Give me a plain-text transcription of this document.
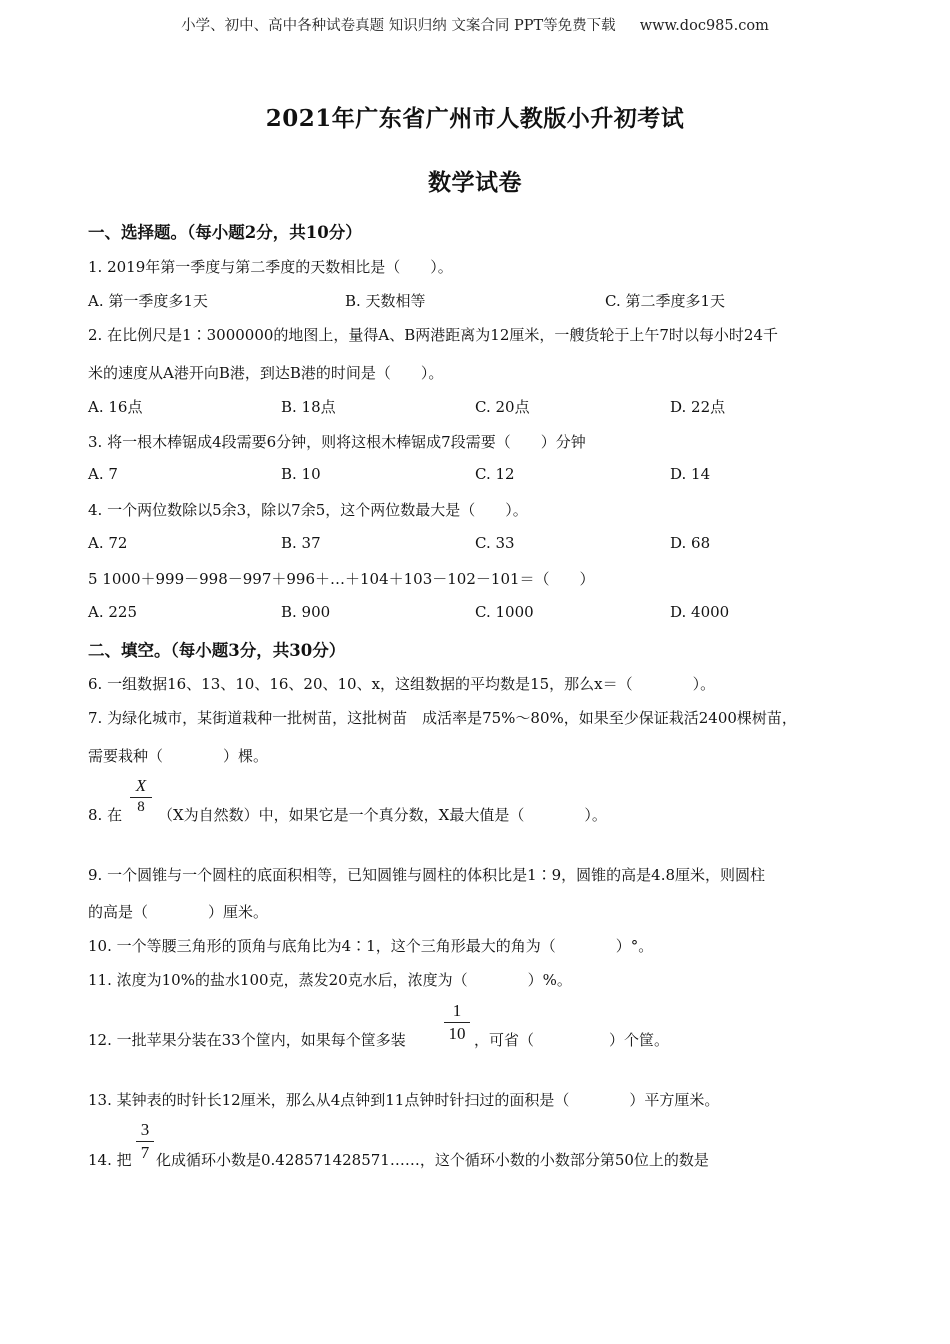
小学、初中、高中各种试卷真题 知识归纳 文案合同 PPT等免费下载 www.doc985.com
2021年广东省广州市人教版小升初考试
数学试卷
一、选择题。（每小题2分，共10分）
1. 2019年第一季度与第二季度的天数相比是（　　）。
A. 第一季度多1天	B. 天数相等	C. 第二季度多1天
2. 在比例尺是1∶3000000的地图上，量得A、B两港距离为12厘米，一艘货轮于上午7时以每小时24千
米的速度从A港开向B港，到达B港的时间是（　　）。
A. 16点	B. 18点	C. 20点	D. 22点
3. 将一根木棒锯成4段需要6分钟，则将这根木棒锯成7段需要（　　）分钟
A. 7	B. 10	C. 12	D. 14
4. 一个两位数除以5余3，除以7余5，这个两位数最大是（　　）。
A. 72	B. 37	C. 33	D. 68
5 1000＋999－998－997＋996＋…＋104＋103－102－101＝（　　）
A. 225	B. 900	C. 1000	D. 4000
二、填空。（每小题3分，共30分）
6. 一组数据16、13、10、16、20、10、x，这组数据的平均数是15，那么x＝（　　　　）。
7. 为绿化城市，某街道栽种一批树苗，这批树苗　成活率是75%～80%，如果至少保证栽活2400棵树苗，
需要栽种（　　　　）棵。
8. 在
X
8 （X为自然数）中，如果它是一个真分数，X最大值是（　　　　）。
9. 一个圆锥与一个圆柱的底面积相等，已知圆锥与圆柱的体积比是1∶9，圆锥的高是4.8厘米，则圆柱
的高是（　　　　）厘米。
10. 一个等腰三角形的顶角与底角比为4∶1，这个三角形最大的角为（　　　　）°。
11. 浓度为10%的盐水100克，蒸发20克水后，浓度为（　　　　）%。
12. 一批苹果分装在33个筐内，如果每个筐多装
1
10 ，可省（　　　　　）个筐。
13. 某钟表的时针长12厘米，那么从4点钟到11点钟时针扫过的面积是（　　　　）平方厘米。
14. 把
3
7 化成循环小数是0.428571428571……，这个循环小数的小数部分第50位上的数是
